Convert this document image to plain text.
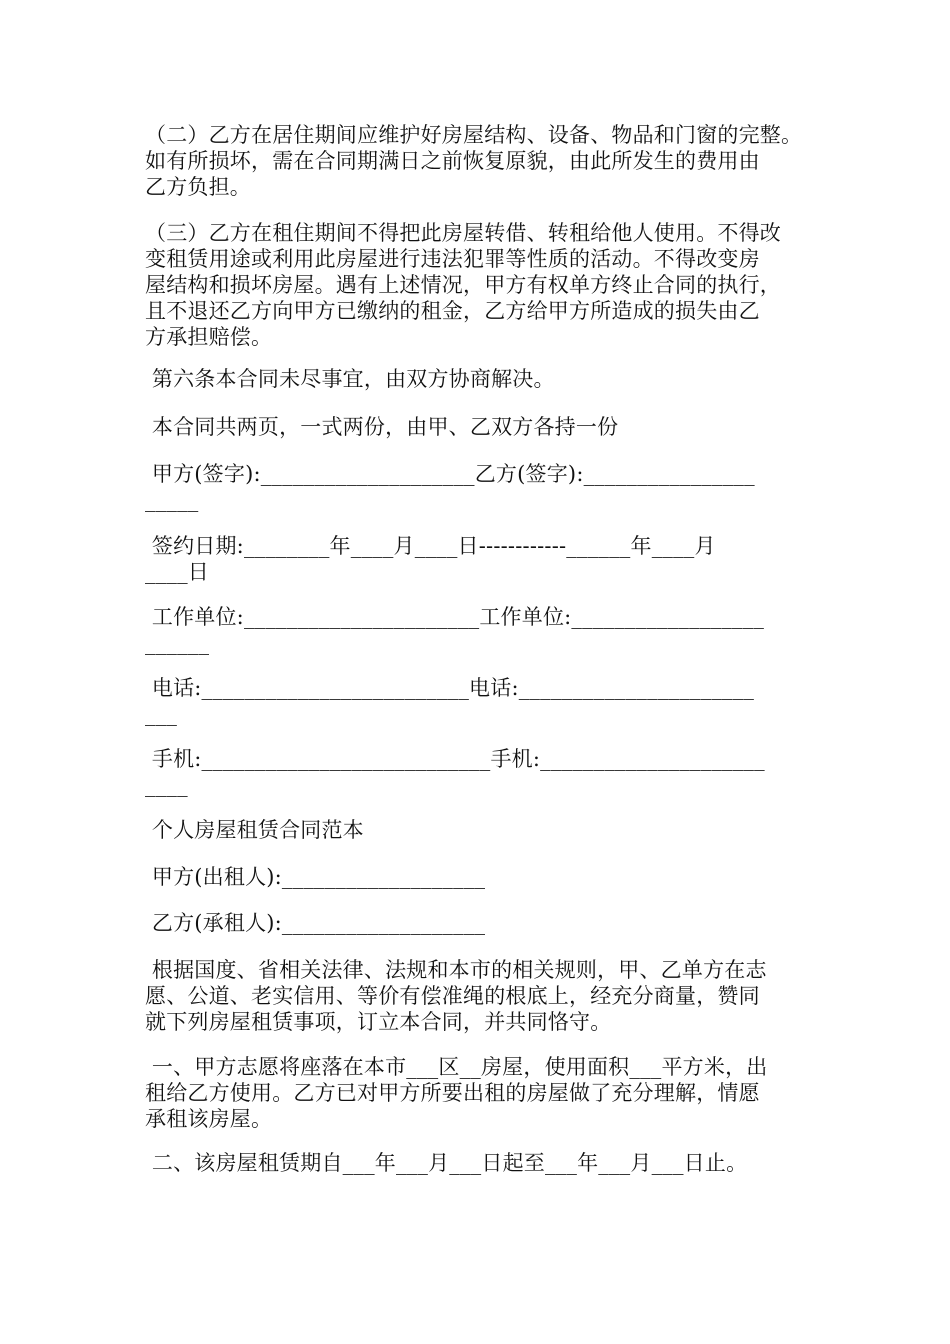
（二）乙方在居住期间应维护好房屋结构、设备、物品和门窗的完整。
如有所损坏，需在合同期满日之前恢复原貌，由此所发生的费用由
乙方负担。

（三）乙方在租住期间不得把此房屋转借、转租给他人使用。不得改
变租赁用途或利用此房屋进行违法犯罪等性质的活动。不得改变房
屋结构和损坏房屋。遇有上述情况，甲方有权单方终止合同的执行，
且不退还乙方向甲方已缴纳的租金，乙方给甲方所造成的损失由乙
方承担赔偿。

第六条本合同未尽事宜，由双方协商解决。

本合同共两页，一式两份，由甲、乙双方各持一份

甲方(签字):____________________乙方(签字):________________
_____

签约日期:________年____月____日------------______年____月
____日

工作单位:______________________工作单位:__________________
______

电话:_________________________电话:______________________
___

手机:___________________________手机:_____________________
____

个人房屋租赁合同范本

甲方(出租人):___________________

乙方(承租人):___________________

根据国度、省相关法律、法规和本市的相关规则，甲、乙单方在志
愿、公道、老实信用、等价有偿准绳的根底上，经充分商量，赞同
就下列房屋租赁事项，订立本合同，并共同恪守。

一、甲方志愿将座落在本市___区__房屋，使用面积___平方米，出
租给乙方使用。乙方已对甲方所要出租的房屋做了充分理解，情愿
承租该房屋。

二、该房屋租赁期自___年___月___日起至___年___月___日止。
